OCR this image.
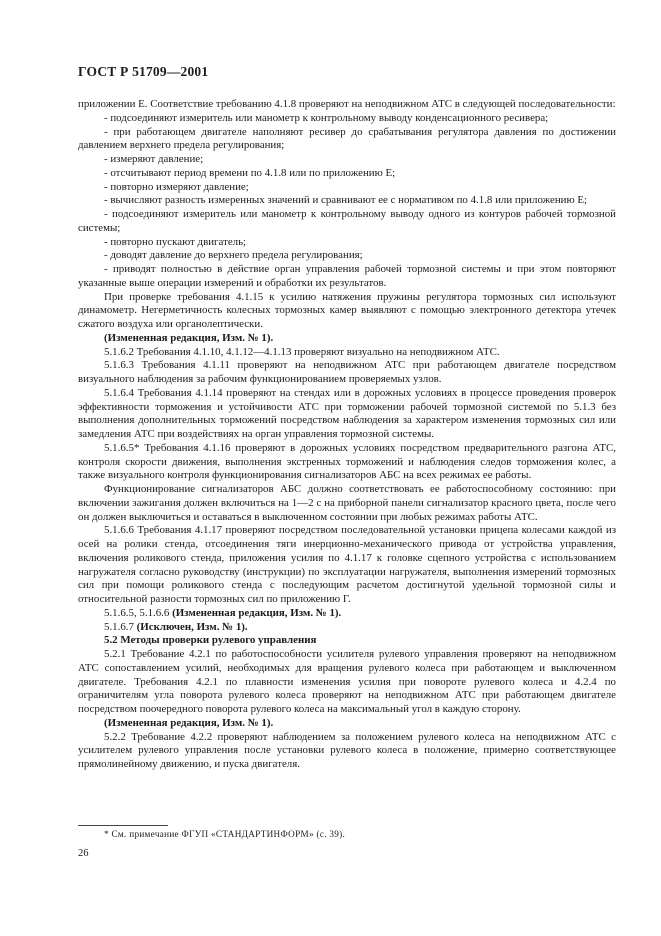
ГОСТ Р 51709—2001

приложении Е. Соответствие требованию 4.1.8 проверяют на неподвижном АТС в следующей последовательности:

- подсоединяют измеритель или манометр к контрольному выводу конденсационного ресивера;

- при работающем двигателе наполняют ресивер до срабатывания регулятора давления по достижении давлением верхнего предела регулирования;

- измеряют давление;

- отсчитывают период времени по 4.1.8 или по приложению Е;

- повторно измеряют давление;

- вычисляют разность измеренных значений и сравнивают ее с нормативом по 4.1.8 или приложению Е;

- подсоединяют измеритель или манометр к контрольному выводу одного из контуров рабочей тормозной системы;

- повторно пускают двигатель;

- доводят давление до верхнего предела регулирования;

- приводят полностью в действие орган управления рабочей тормозной системы и при этом повторяют указанные выше операции измерений и обработки их результатов.

При проверке требования 4.1.15 к усилию натяжения пружины регулятора тормозных сил используют динамометр. Негерметичность колесных тормозных камер выявляют с помощью электронного детектора утечек сжатого воздуха или органолептически.

(Измененная редакция, Изм. № 1).

5.1.6.2 Требования 4.1.10, 4.1.12—4.1.13 проверяют визуально на неподвижном АТС.

5.1.6.3 Требования 4.1.11 проверяют на неподвижном АТС при работающем двигателе посредством визуального наблюдения за рабочим функционированием проверяемых узлов.

5.1.6.4 Требования 4.1.14 проверяют на стендах или в дорожных условиях в процессе проведения проверок эффективности торможения и устойчивости АТС при торможении рабочей тормозной системой по 5.1.3 без выполнения дополнительных торможений посредством наблюдения за характером изменения тормозных сил или замедления АТС при воздействиях на орган управления тормозной системы.

5.1.6.5* Требования 4.1.16 проверяют в дорожных условиях посредством предварительного разгона АТС, контроля скорости движения, выполнения экстренных торможений и наблюдения следов торможения колес, а также визуального контроля функционирования сигнализаторов АБС на всех режимах ее работы.

Функционирование сигнализаторов АБС должно соответствовать ее работоспособному состоянию: при включении зажигания должен включиться на 1—2 с на приборной панели сигнализатор красного цвета, после чего он должен выключиться и оставаться в выключенном состоянии при любых режимах работы АТС.

5.1.6.6 Требования 4.1.17 проверяют посредством последовательной установки прицепа колесами каждой из осей на ролики стенда, отсоединения тяги инерционно-механического привода от устройства управления, включения роликового стенда, приложения усилия по 4.1.17 к головке сцепного устройства с использованием нагружателя согласно руководству (инструкции) по эксплуатации нагружателя, выполнения измерений тормозных сил при помощи роликового стенда с последующим расчетом достигнутой удельной тормозной силы и относительной разности тормозных сил по приложению Г.

5.1.6.5, 5.1.6.6 (Измененная редакция, Изм. № 1).

5.1.6.7 (Исключен, Изм. № 1).

5.2 Методы проверки рулевого управления

5.2.1 Требование 4.2.1 по работоспособности усилителя рулевого управления проверяют на неподвижном АТС сопоставлением усилий, необходимых для вращения рулевого колеса при работающем и выключенном двигателе. Требования 4.2.1 по плавности изменения усилия при повороте рулевого колеса и 4.2.4 по ограничителям угла поворота рулевого колеса проверяют на неподвижном АТС при работающем двигателе посредством поочередного поворота рулевого колеса на максимальный угол в каждую сторону.

(Измененная редакция, Изм. № 1).

5.2.2 Требование 4.2.2 проверяют наблюдением за положением рулевого колеса на неподвижном АТС с усилителем рулевого управления после установки рулевого колеса в положение, примерно соответствующее прямолинейному движению, и пуска двигателя.

* См. примечание ФГУП «СТАНДАРТИНФОРМ» (с. 39).
26
